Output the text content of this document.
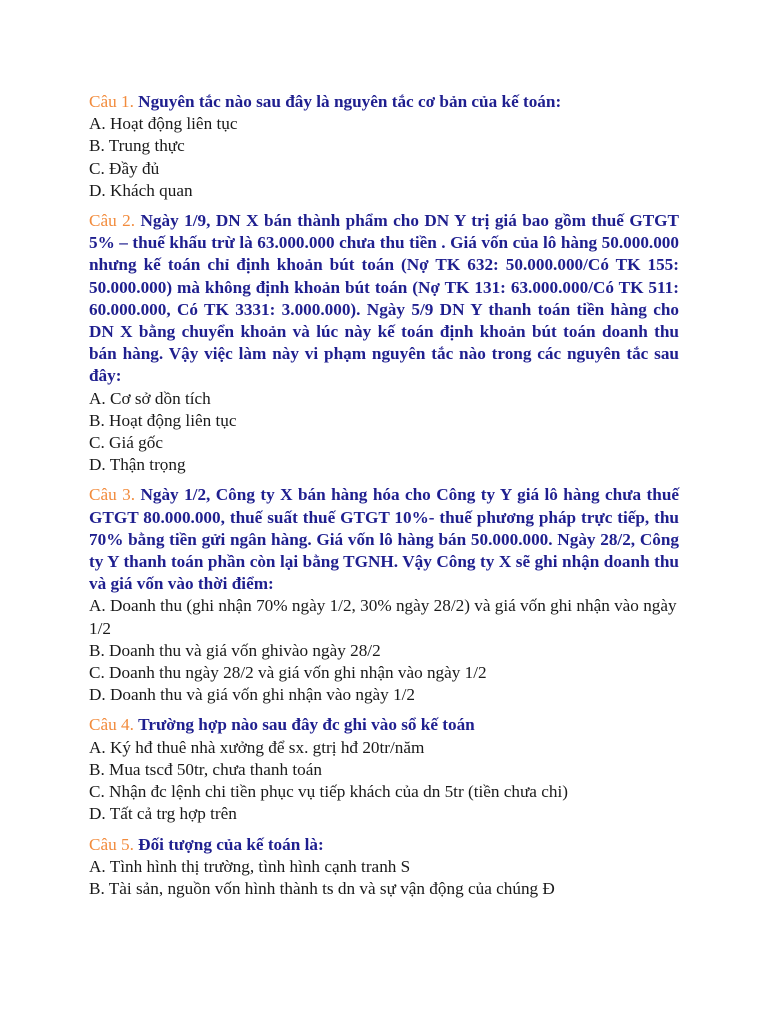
Câu 1. Nguyên tắc nào sau đây là nguyên tắc cơ bản của kế toán:

A. Hoạt động liên tục

B. Trung thực

C. Đầy đủ

D. Khách quan

Câu 2. Ngày 1/9, DN X bán thành phẩm cho DN Y trị giá bao gồm thuế GTGT 5% – thuế khấu trừ là 63.000.000 chưa thu tiền . Giá vốn của lô hàng 50.000.000 nhưng kế toán chỉ định khoản bút toán (Nợ TK 632: 50.000.000/Có TK 155: 50.000.000) mà không định khoản bút toán (Nợ TK 131: 63.000.000/Có TK 511: 60.000.000, Có TK 3331: 3.000.000). Ngày 5/9 DN Y thanh toán tiền hàng cho DN X bằng chuyển khoản và lúc này kế toán định khoản bút toán doanh thu bán hàng. Vậy việc làm này vi phạm nguyên tắc nào trong các nguyên tắc sau đây:

A. Cơ sở dồn tích

B. Hoạt động liên tục

C. Giá gốc

D. Thận trọng

Câu 3. Ngày 1/2, Công ty X bán hàng hóa cho Công ty Y giá lô hàng chưa thuế GTGT 80.000.000, thuế suất thuế GTGT 10%- thuế phương pháp trực tiếp, thu 70% bằng tiền gửi ngân hàng. Giá vốn lô hàng bán 50.000.000. Ngày 28/2, Công ty Y thanh toán phần còn lại bằng TGNH. Vậy Công ty X sẽ ghi nhận doanh thu và giá vốn vào thời điểm:

A. Doanh thu (ghi nhận 70% ngày 1/2, 30% ngày 28/2) và giá vốn ghi nhận vào ngày 1/2

B. Doanh thu và giá vốn ghivào ngày 28/2

C. Doanh thu ngày 28/2 và giá vốn ghi nhận vào ngày 1/2

D. Doanh thu và giá vốn ghi nhận vào ngày 1/2

Câu 4. Trường hợp nào sau đây đc ghi vào sổ kế toán

A. Ký hđ thuê nhà xưởng để sx. gtrị hđ 20tr/năm

B. Mua tscđ 50tr, chưa thanh toán

C. Nhận đc lệnh chi tiền phục vụ tiếp khách của dn 5tr (tiền chưa chi)

D. Tất cả trg hợp trên

Câu 5. Đối tượng của kế toán là:

A. Tình hình thị trường, tình hình cạnh tranh S

B. Tài sản, nguồn vốn hình thành ts dn và sự vận động của chúng Đ
